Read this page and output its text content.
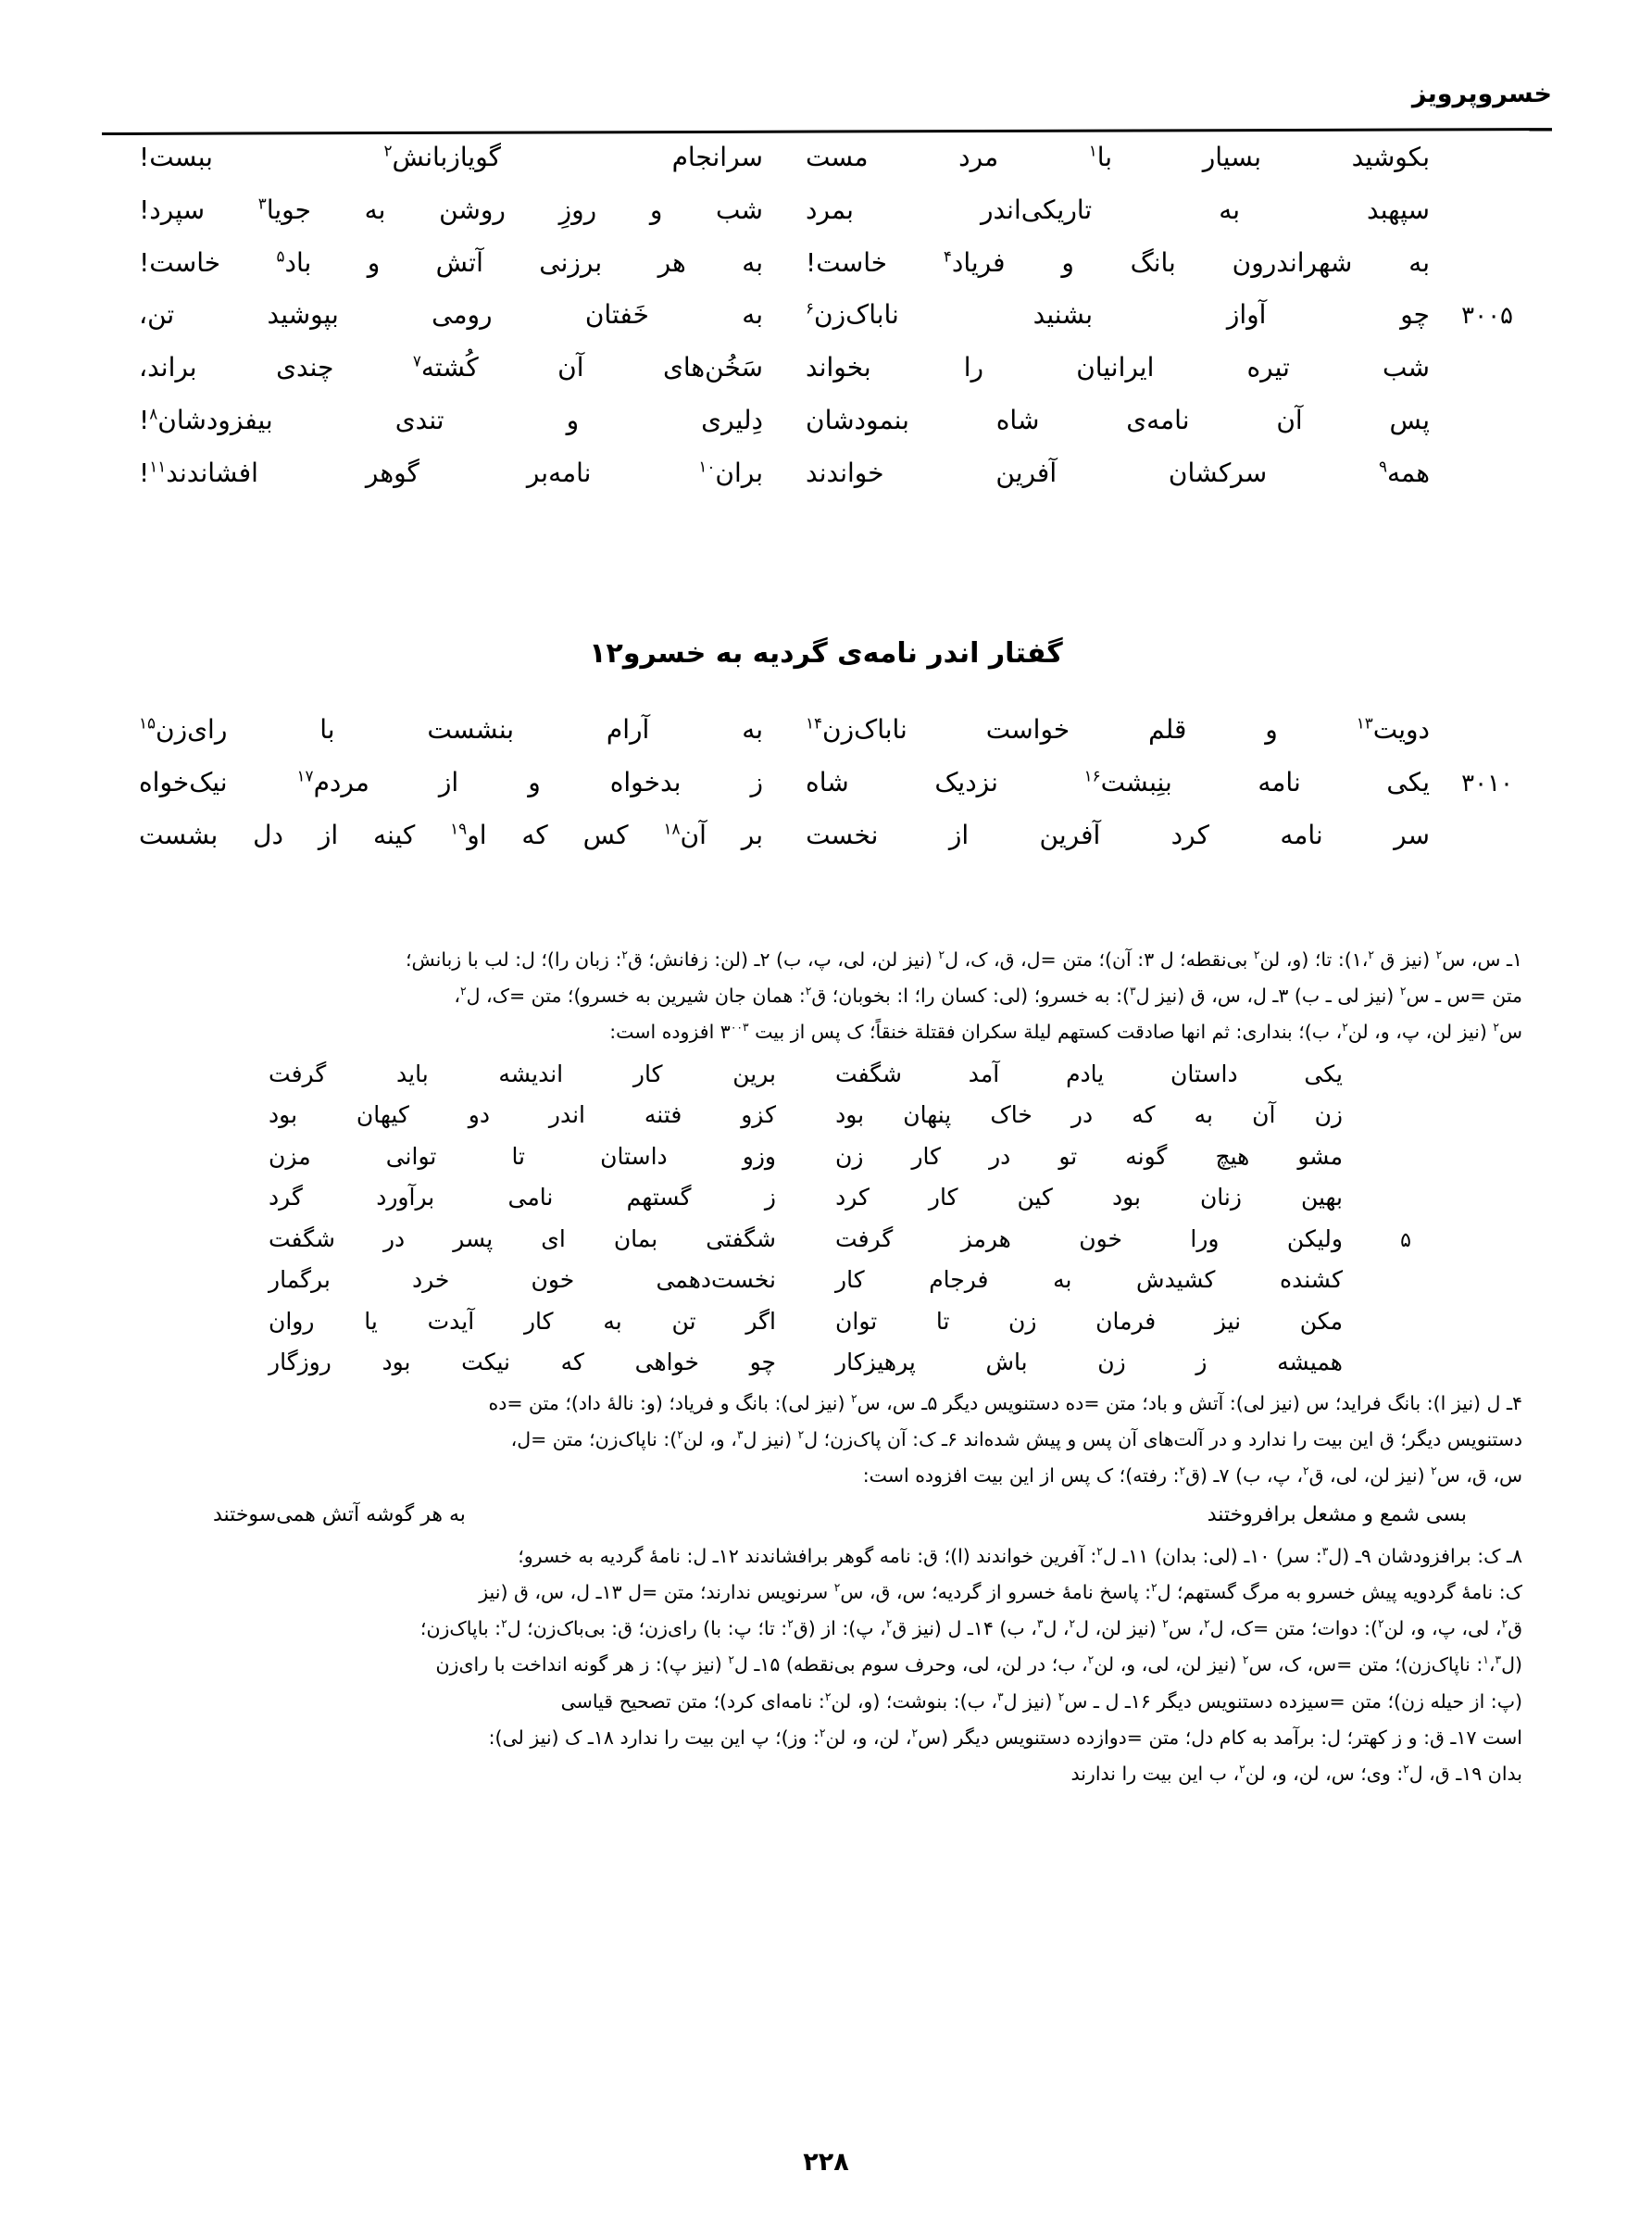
خسروپرویز
بکوشید
بسیار
با$^۱$
مرد
مست
سرانجام
گویازبانش$^۲$
ببست!
سپهبد
به
تاریکی‌اندر
بمرد
شب
و
روزِ
روشن
به
جویا$^۳$
سپرد!
به
شهراندرون
بانگ
و
فریاد$^۴$
خاست!
به
هر
برزنی
آتش
و
باد$^۵$
خاست!
۳۰۰۵
چو
آواز
بشنید
ناباک‌زن$^۶$
به
خَفتان
رومی
بپوشید
تن،
شب
تیره
ایرانیان
را
بخواند
سَخُن‌های
آن
کُشته$^۷$
چندی
براند،
پس
آن
نامه‌ی
شاه
بنمودشان
دِلیری
و
تندی
بیفزودشان$^۸$!
همه$^۹$
سرکشان
آفرین
خواندند
بران$^{۱۰}$
نامه‌بر
گوهر
افشاندند$^{۱۱}$!
گفتار اندر نامه‌ی گردیه به خسرو۱۲
دویت$^{۱۳}$
و
قلم
خواست
ناباک‌زن$^{۱۴}$
به
آرام
بنشست
با
رای‌زن$^{۱۵}$
۳۰۱۰
یکی
نامه
بنِبشت$^{۱۶}$
نزدیک
شاه
ز
بدخواه
و
از
مردم$^{۱۷}$
نیک‌خواه
سر
نامه
کرد
آفرین
از
نخست
بر
آن$^{۱۸}$
کس
که
او$^{۱۹}$
کینه
از
دل
بشست
۱ـ س، س$^۲$ (نیز ق ۱،$^۲$): تا؛ (و، لن$^۲$ بی‌نقطه؛ ل ۳: آن)؛ متن =ل، ق، ک، ل$^۲$ (نیز لن، لی، پ، ب) ۲ـ (لن: زفانش؛ ق$^۲$: زبان را)؛ ل: لب با زبانش؛
متن =س ـ س$^۲$ (نیز لی ـ ب) ۳ـ ل، س، ق (نیز ل$^۳$): به خسرو؛ (لی: کسان را؛ ا: بخوبان؛ ق$^۲$: همان جان شیرین به خسرو)؛ متن =ک، ل$^۲$،
س$^۲$ (نیز لن، پ، و، لن$^۲$، ب)؛ بنداری: ثم انها صادقت کستهم لیلة سکران فقتلة خنقاً؛ ک پس از بیت $۳^{۰۰۳}$ افزوده است:
یکی
داستان
یادم
آمد
شگفت
برین
کار
اندیشه
باید
گرفت
زن
آن
به
که
در
خاک
پنهان
بود
کزو
فتنه
اندر
دو
کیهان
بود
مشو
هیچ
گونه
تو
در
کار
زن
وزو
داستان
تا
توانی
مزن
بهین
زنان
بود
کین
کار
کرد
ز
گستهم
نامی
برآورد
گرد
۵
ولیکن
ورا
خون
هرمز
گرفت
شگفتی
بمان
ای
پسر
در
شگفت
کشنده
کشیدش
به
فرجام
کار
نخست‌دهمی
خون
خرد
برگمار
مکن
نیز
فرمان
زن
تا
توان
اگر
تن
به
کار
آیدت
یا
روان
همیشه
ز
زن
باش
پرهیزکار
چو
خواهی
که
نیکت
بود
روزگار
۴ـ ل (نیز ا): بانگ فراید؛ س (نیز لی): آتش و باد؛ متن =ده دستنویس دیگر ۵ـ س، س$^۲$ (نیز لی): بانگ و فریاد؛ (و: نالهٔ داد)؛ متن =ده
دستنویس دیگر؛ ق این بیت را ندارد و در آلت‌های آن پس و پیش شده‌اند ۶ـ ک: آن پاک‌زن؛ ل$^۲$ (نیز ل$^۳$، و، لن$^۲$): ناپاک‌زن؛ متن =ل،
س، ق، س$^۲$ (نیز لن، لی، ق$^۲$، پ، ب) ۷ـ (ق$^۲$: رفته)؛ ک پس از این بیت افزوده است:
بسی شمع و مشعل برافروختند
به هر گوشه آتش همی‌سوختند
۸ـ ک: برافزودشان ۹ـ (ل$^۳$: سر) ۱۰ـ (لی: بدان) ۱۱ـ ل$^۲$: آفرین خواندند (ا)؛ ق: نامه گوهر برافشاندند ۱۲ـ ل: نامهٔ گردیه به خسرو؛
ک: نامهٔ گردویه پیش خسرو به مرگ گستهم؛ ل$^۲$: پاسخ نامهٔ خسرو از گردیه؛ س، ق، س$^۲$ سرنویس ندارند؛ متن =ل ۱۳ـ ل، س، ق (نیز
ق$^۲$، لی، پ، و، لن$^۲$): دوات؛ متن =ک، ل$^۲$، س$^۲$ (نیز لن، ل$^۲$، ل$^۳$، ب) ۱۴ـ ل (نیز ق$^۲$، پ): از (ق$^۲$: تا؛ پ: با) رای‌زن؛ ق: بی‌باک‌زن؛ ل$^۲$: باپاک‌زن؛
(ل$^۱$،$^۳$: ناپاک‌زن)؛ متن =س، ک، س$^۲$ (نیز لن، لی، و، لن$^۲$، ب؛ در لن، لی، وحرف سوم بی‌نقطه) ۱۵ـ ل$^۲$ (نیز پ): ز هر گونه انداخت با رای‌زن
(پ: از حیله زن)؛ متن =سیزده دستنویس دیگر ۱۶ـ ل ـ س$^۲$ (نیز ل$^۳$، ب): بنوشت؛ (و، لن$^۲$: نامه‌ای کرد)؛ متن تصحیح قیاسی
است ۱۷ـ ق: و ز کهتر؛ ل: برآمد به کام دل؛ متن =دوازده دستنویس دیگر (س$^۲$، لن، و، لن$^۲$: وز)؛ پ این بیت را ندارد ۱۸ـ ک (نیز لی):
بدان ۱۹ـ ق، ل$^۲$: وی؛ س، لن، و، لن$^۲$، ب این بیت را ندارند
۲۲۸
